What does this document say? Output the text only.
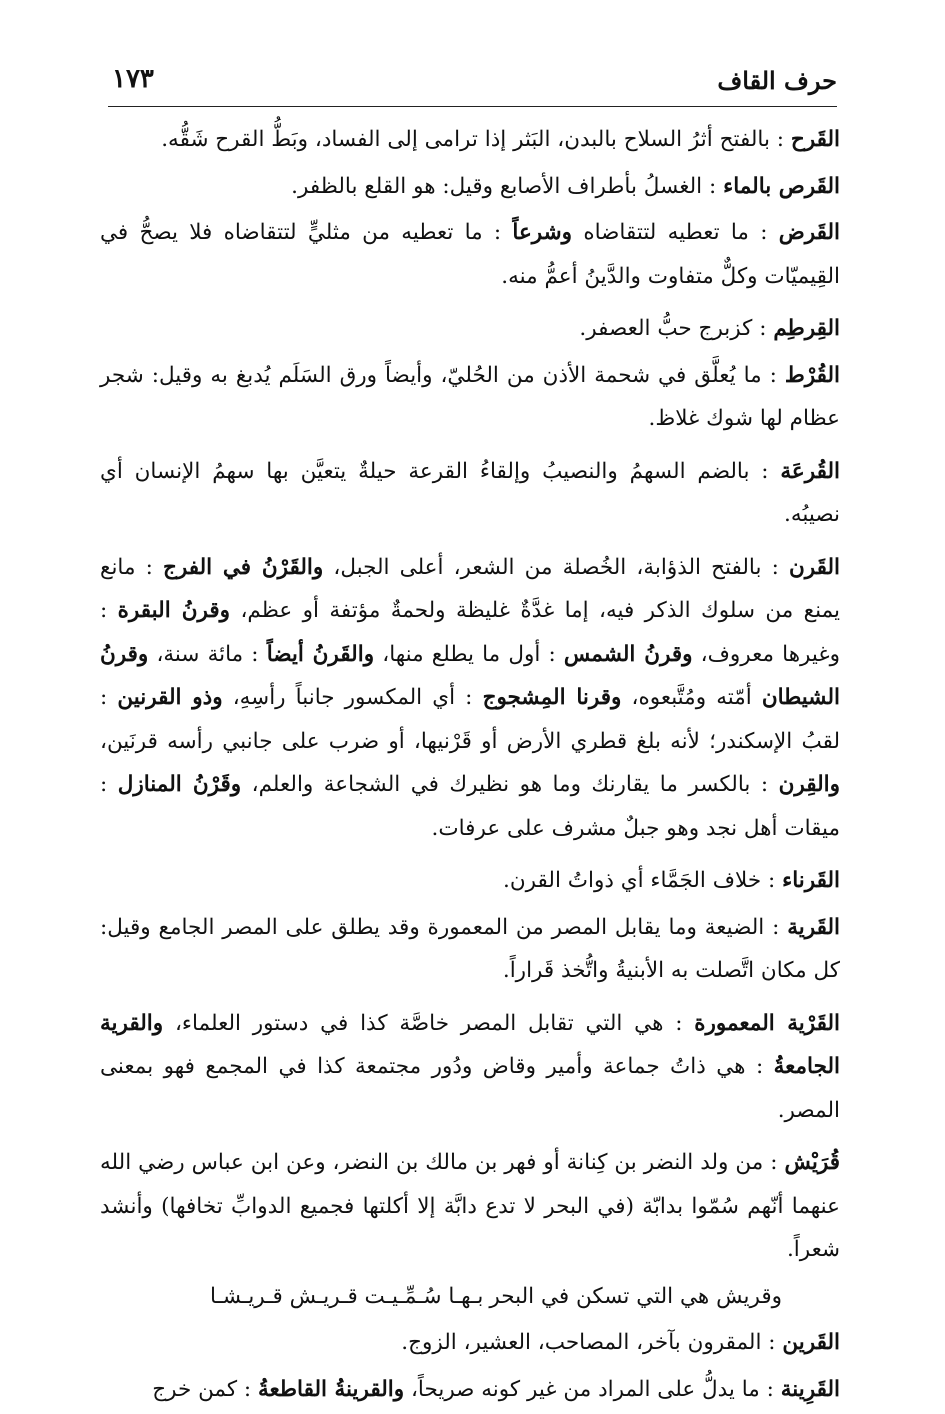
حرف القاف
١٧٣

القَرح : بالفتح أثرُ السلاح بالبدن، البَثر إذا ترامى إلى الفساد، وبَطُّ القرح شَقُّه.

القَرص بالماء : الغسلُ بأطراف الأصابع وقيل: هو القلع بالظفر.

القَرض : ما تعطيه لتتقاضاه وشرعاً : ما تعطيه من مثليٍّ لتتقاضاه فلا يصحُّ في القِيميّات وكلٌّ متفاوت والدَّينُ أعمُّ منه.

القِرطِم : كزبرج حبُّ العصفر.

القُرْط : ما يُعلَّق في شحمة الأذن من الحُليّ، وأيضاً ورق السَلَم يُدبغ به وقيل: شجر عظام لها شوك غلاظ.

القُرعَة : بالضم السهمُ والنصيبُ وإلقاءُ القرعة حيلةٌ يتعيَّن بها سهمُ الإنسان أي نصيبُه.

القَرن : بالفتح الذؤابة، الخُصلة من الشعر، أعلى الجبل، والقَرْنُ في الفرج : مانع يمنع من سلوك الذكر فيه، إما غدَّةٌ غليظة ولحمةٌ مؤتفة أو عظم، وقرنُ البقرة : وغيرها معروف، وقرنُ الشمس : أول ما يطلع منها، والقَرنُ أيضاً : مائة سنة، وقرنُ الشيطان أمّته ومُتَّبعوه، وقرنا المِشجوج : أي المكسور جانباً رأسِهِ، وذو القرنين : لقبُ الإسكندر؛ لأنه بلغ قطري الأرض أو قَرْنيها، أو ضرب على جانبي رأسه قرنَين، والقِرن : بالكسر ما يقارنك وما هو نظيرك في الشجاعة والعلم، وقَرْنُ المنازل : ميقات أهل نجد وهو جبلٌ مشرف على عرفات.

القَرناء : خلاف الجَمَّاء أي ذواتُ القرن.

القَرية : الضيعة وما يقابل المصر من المعمورة وقد يطلق على المصر الجامع وقيل: كل مكان اتَّصلت به الأبنيةُ واتُّخذ قَراراً.

القَرْية المعمورة : هي التي تقابل المصر خاصَّة كذا في دستور العلماء، والقرية الجامعةُ : هي ذاتُ جماعة وأمير وقاض ودُور مجتمعة كذا في المجمع فهو بمعنى المصر.

قُرَيْش : من ولد النضر بن كِنانة أو فهر بن مالك بن النضر، وعن ابن عباس رضي الله عنهما أنّهم سُمّوا بدابّة (في البحر لا تدع دابَّة إلا أكلتها فجميع الدوابِّ تخافها) وأنشد شعراً.

وقريش هي التي تسكن في البحر
بـهـا سُـمِّـيـت قـريـش قـريـشـا

القَرين : المقرون بآخر، المصاحب، العشير، الزوج.

القَرِينة : ما يدلُّ على المراد من غير كونه صريحاً، والقرينةُ القاطعةُ : كمن خرج
